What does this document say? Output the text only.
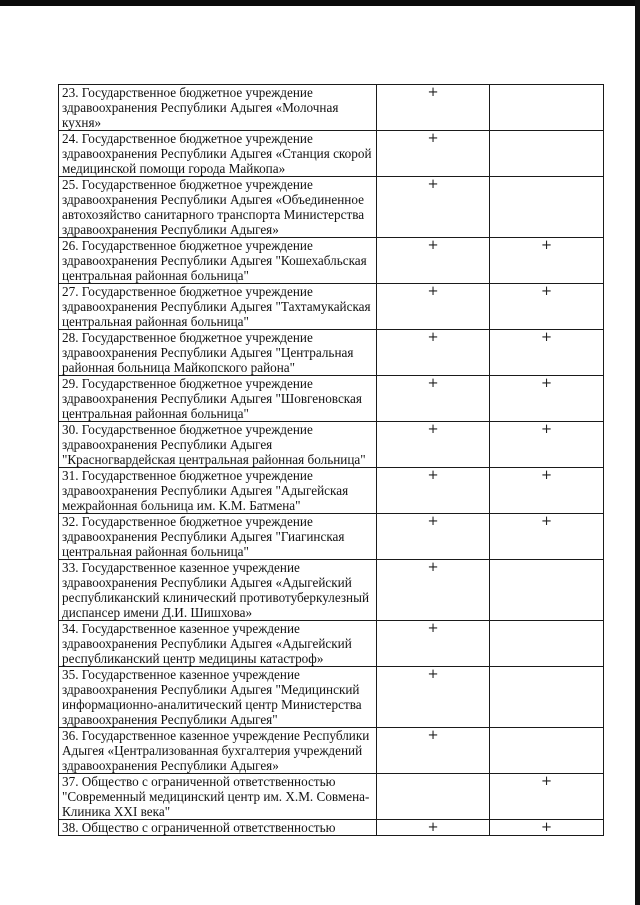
23. Государственное бюджетное учреждение здравоохранения Республики Адыгея «Молочная кухня»	+	
24. Государственное бюджетное учреждение здравоохранения Республики Адыгея «Станция скорой медицинской помощи города Майкопа»	+	
25. Государственное бюджетное учреждение здравоохранения Республики Адыгея «Объединенное автохозяйство санитарного транспорта Министерства здравоохранения Республики Адыгея»	+	
26. Государственное бюджетное учреждение здравоохранения Республики Адыгея "Кошехабльская центральная районная больница"	+	+
27. Государственное бюджетное учреждение здравоохранения Республики Адыгея "Тахтамукайская центральная районная больница"	+	+
28. Государственное бюджетное учреждение здравоохранения Республики Адыгея "Центральная районная больница Майкопского района"	+	+
29. Государственное бюджетное учреждение здравоохранения Республики Адыгея "Шовгеновская центральная районная больница"	+	+
30. Государственное бюджетное учреждение здравоохранения Республики Адыгея "Красногвардейская центральная районная больница"	+	+
31. Государственное бюджетное учреждение здравоохранения Республики Адыгея "Адыгейская межрайонная больница им. К.М. Батмена"	+	+
32. Государственное бюджетное учреждение здравоохранения Республики Адыгея "Гиагинская центральная районная больница"	+	+
33. Государственное казенное учреждение здравоохранения Республики Адыгея «Адыгейский республиканский клинический противотуберкулезный диспансер имени Д.И. Шишхова»	+	
34. Государственное казенное учреждение здравоохранения Республики Адыгея «Адыгейский республиканский центр медицины катастроф»	+	
35. Государственное казенное учреждение здравоохранения Республики Адыгея "Медицинский информационно-аналитический центр Министерства здравоохранения Республики Адыгея"	+	
36. Государственное казенное учреждение Республики Адыгея «Централизованная бухгалтерия учреждений здравоохранения Республики Адыгея»	+	
37. Общество с ограниченной ответственностью "Современный медицинский центр им. Х.М. Совмена-Клиника XXI века"		+
38. Общество с ограниченной ответственностью	+	+
